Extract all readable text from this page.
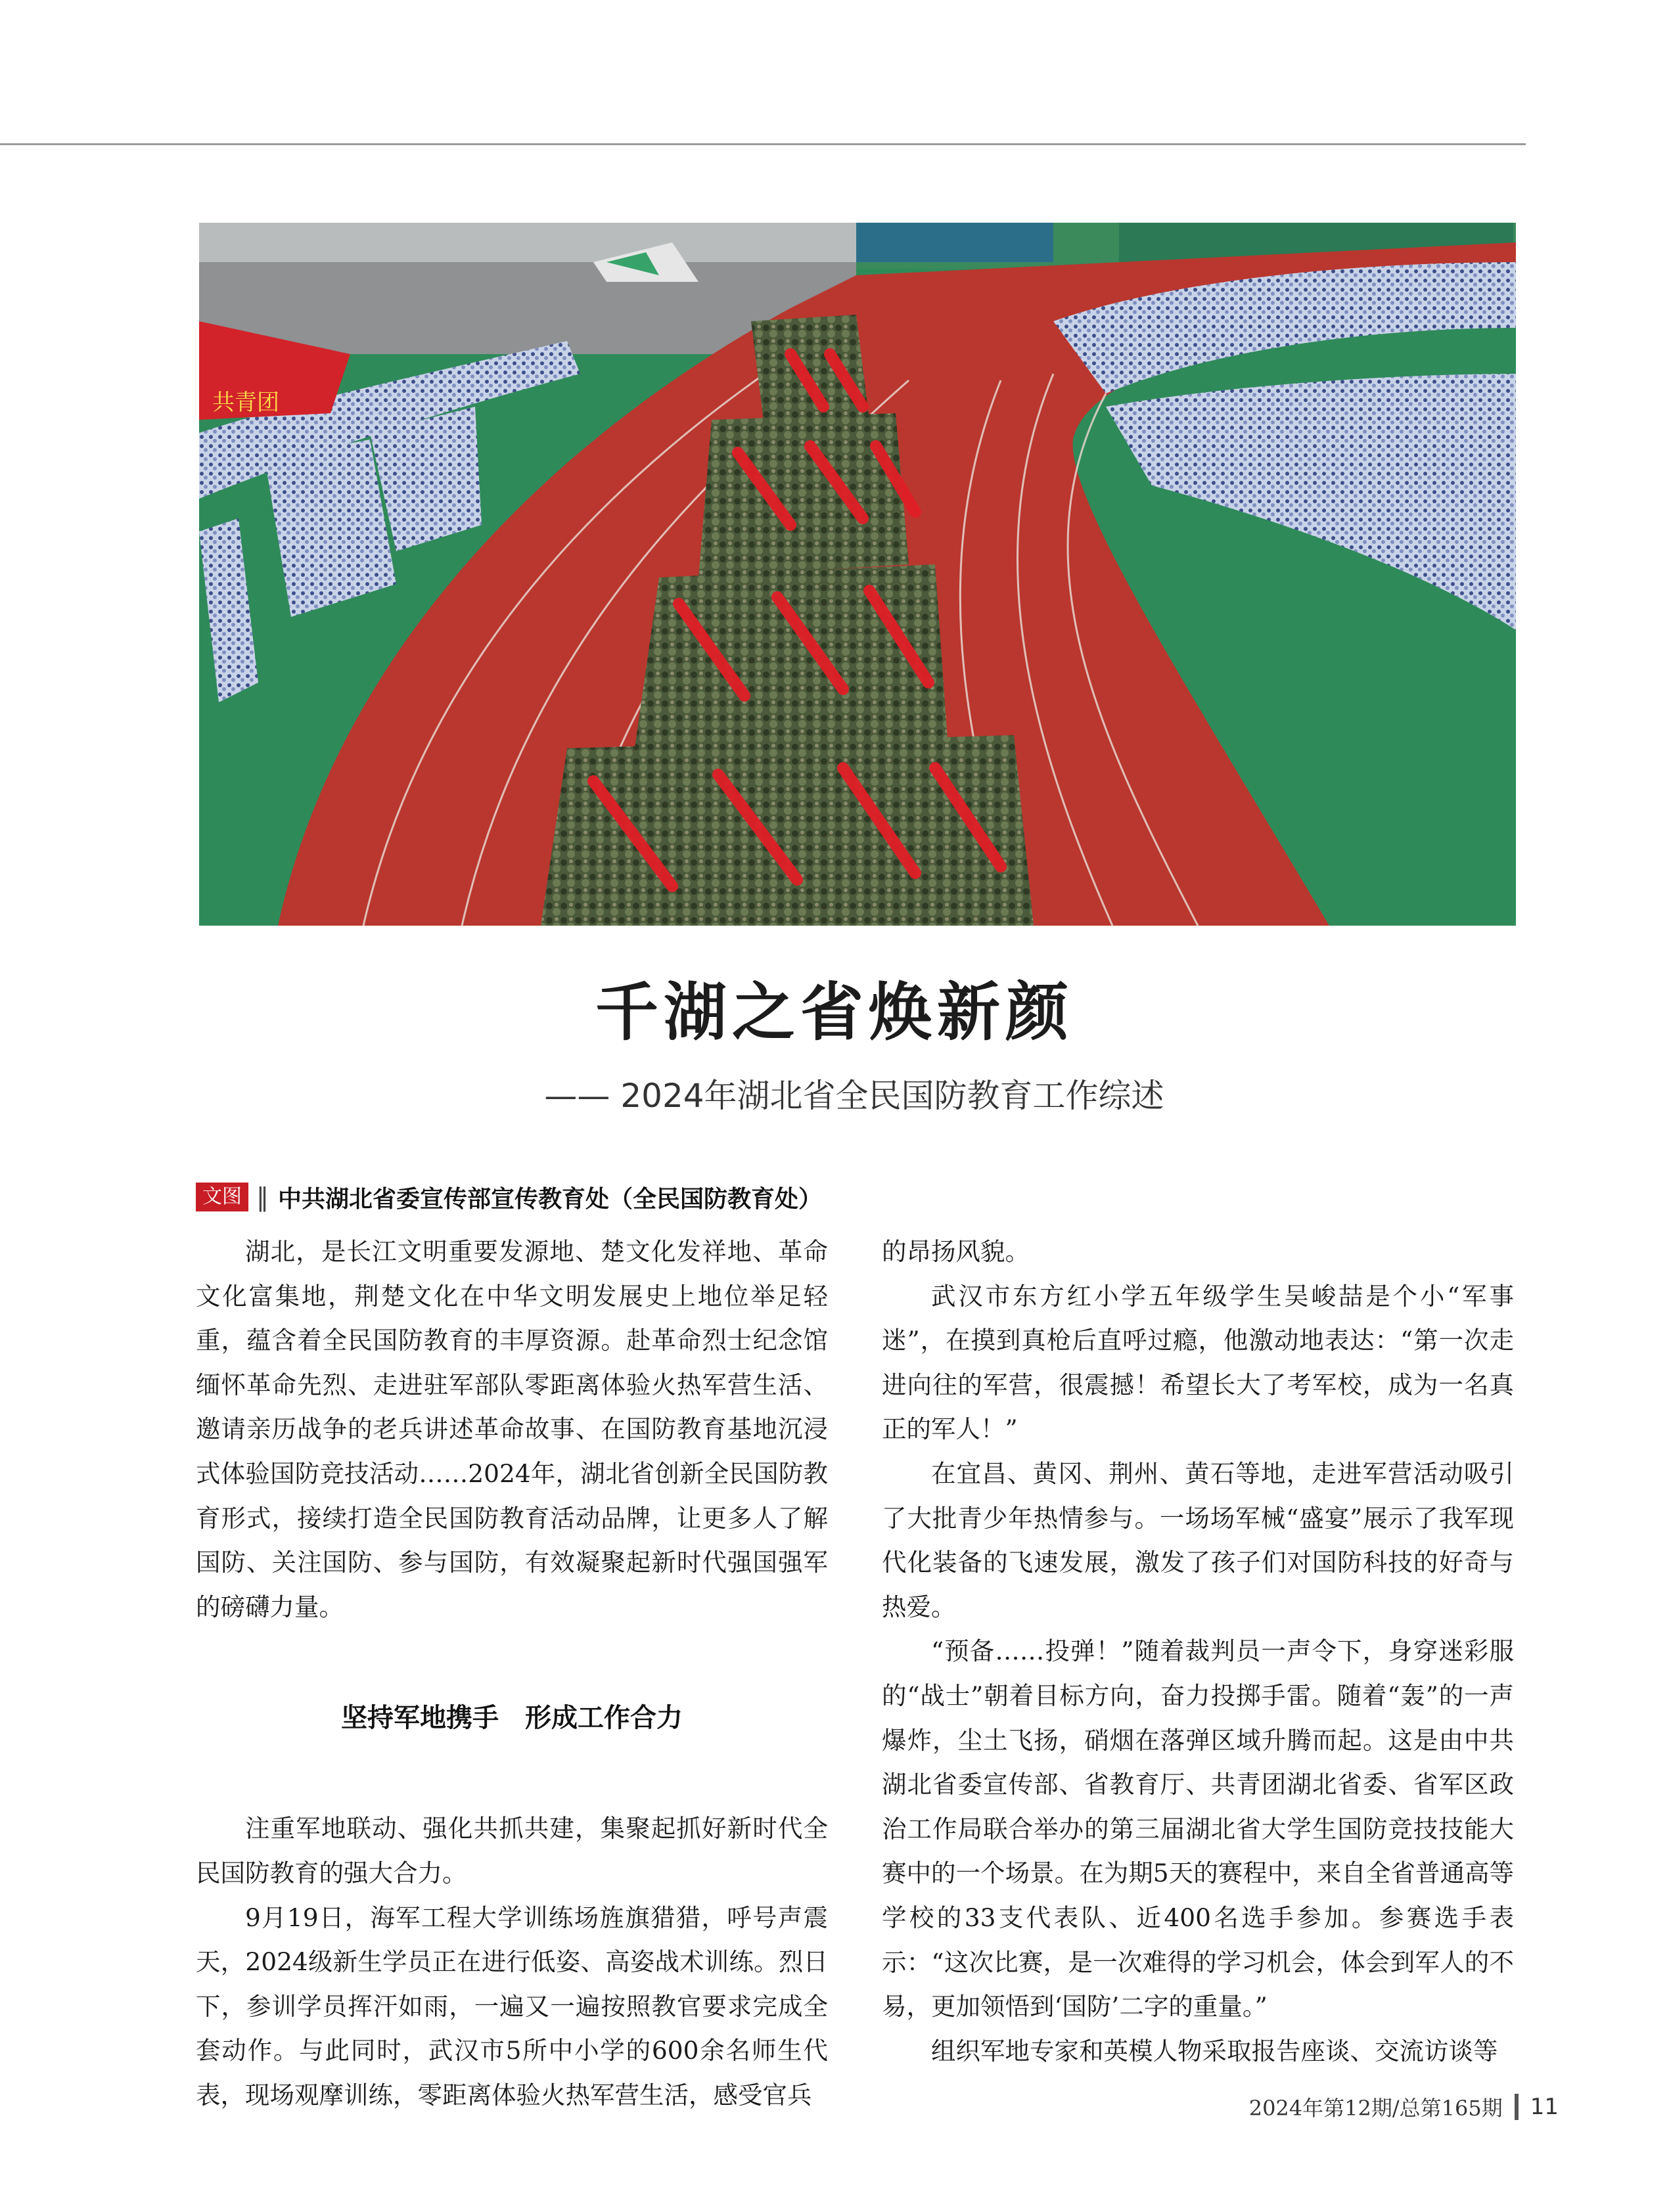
共青团
千湖之省焕新颜
—— 2024年湖北省全民国防教育工作综述
文图 ‖ 中共湖北省委宣传部宣传教育处（全民国防教育处）

湖北，是长江文明重要发源地、楚文化发祥地、革命文化富集地，荆楚文化在中华文明发展史上地位举足轻重，蕴含着全民国防教育的丰厚资源。赴革命烈士纪念馆缅怀革命先烈、走进驻军部队零距离体验火热军营生活、邀请亲历战争的老兵讲述革命故事、在国防教育基地沉浸式体验国防竞技活动……2024年，湖北省创新全民国防教育形式，接续打造全民国防教育活动品牌，让更多人了解国防、关注国防、参与国防，有效凝聚起新时代强国强军的磅礴力量。

坚持军地携手　形成工作合力

注重军地联动、强化共抓共建，集聚起抓好新时代全民国防教育的强大合力。

9月19日，海军工程大学训练场旌旗猎猎，呼号声震天，2024级新生学员正在进行低姿、高姿战术训练。烈日下，参训学员挥汗如雨，一遍又一遍按照教官要求完成全套动作。与此同时，武汉市5所中小学的600余名师生代表，现场观摩训练，零距离体验火热军营生活，感受官兵

的昂扬风貌。

武汉市东方红小学五年级学生吴峻喆是个小“军事迷”，在摸到真枪后直呼过瘾，他激动地表达：“第一次走进向往的军营，很震撼！希望长大了考军校，成为一名真正的军人！”

在宜昌、黄冈、荆州、黄石等地，走进军营活动吸引了大批青少年热情参与。一场场军械“盛宴”展示了我军现代化装备的飞速发展，激发了孩子们对国防科技的好奇与热爱。

“预备……投弹！”随着裁判员一声令下，身穿迷彩服的“战士”朝着目标方向，奋力投掷手雷。随着“轰”的一声爆炸，尘土飞扬，硝烟在落弹区域升腾而起。这是由中共湖北省委宣传部、省教育厅、共青团湖北省委、省军区政治工作局联合举办的第三届湖北省大学生国防竞技技能大赛中的一个场景。在为期5天的赛程中，来自全省普通高等学校的33支代表队、近400名选手参加。参赛选手表示：“这次比赛，是一次难得的学习机会，体会到军人的不易，更加领悟到‘国防’二字的重量。”

组织军地专家和英模人物采取报告座谈、交流访谈等

2024年第12期/总第165期 11
